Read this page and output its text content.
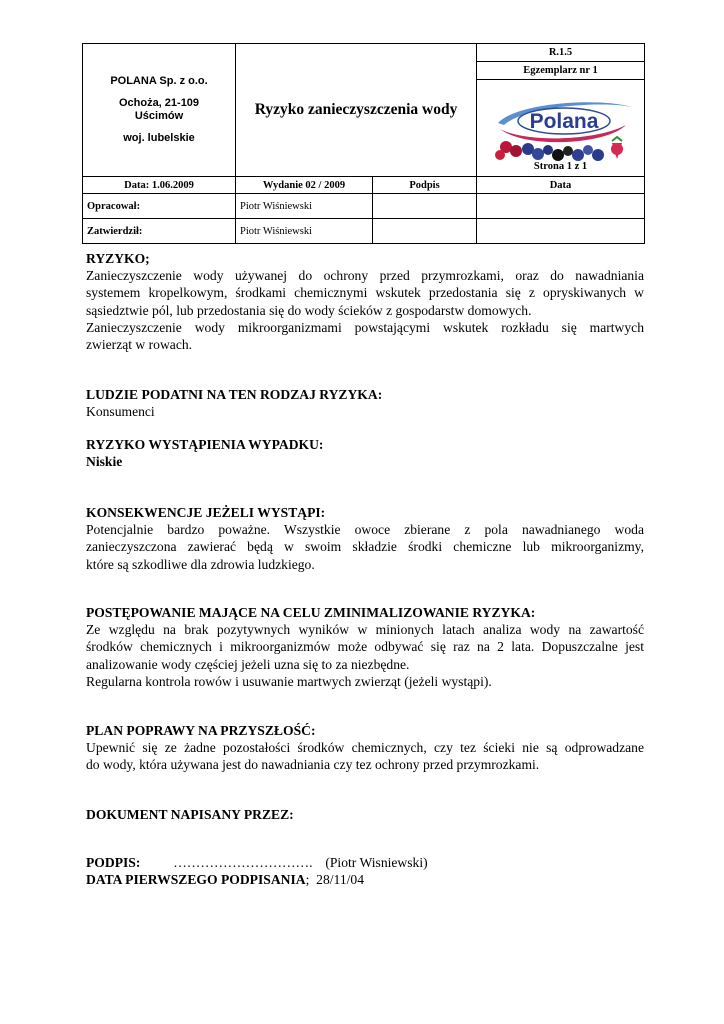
POLANA Sp. z o.o.
Ochoża, 21-109
Uścimów
woj. lubelskie	Ryzyko zanieczyszczenia wody		R.1.5
			Egzemplarz nr 1

Polana
Strona 1 z 1

Data: 1.06.2009	Wydanie 02 / 2009	Podpis	Data
Opracował:	Piotr Wiśniewski		
Zatwierdził:	Piotr Wiśniewski		

RYZYKO;

Zanieczyszczenie wody używanej do ochrony przed przymrozkami, oraz do nawadniania

systemem kropelkowym, środkami chemicznymi wskutek przedostania się z opryskiwanych w

sąsiedztwie pól, lub przedostania się do wody ścieków z gospodarstw domowych.

Zanieczyszczenie wody mikroorganizmami powstającymi wskutek rozkładu się martwych

zwierząt w rowach.

LUDZIE PODATNI NA TEN RODZAJ RYZYKA:

Konsumenci

RYZYKO WYSTĄPIENIA WYPADKU:

Niskie

KONSEKWENCJE JEŻELI WYSTĄPI:

Potencjalnie bardzo poważne. Wszystkie owoce zbierane z pola nawadnianego woda

zanieczyszczona zawierać będą w swoim składzie środki chemiczne lub mikroorganizmy,

które są szkodliwe dla zdrowia ludzkiego.

POSTĘPOWANIE MAJĄCE NA CELU ZMINIMALIZOWANIE RYZYKA:

Ze względu na brak pozytywnych wyników w minionych latach analiza wody na zawartość

środków chemicznych i mikroorganizmów może odbywać się raz na 2 lata. Dopuszczalne jest

analizowanie wody częściej jeżeli uzna się to za niezbędne.

Regularna kontrola rowów i usuwanie martwych zwierząt (jeżeli wystąpi).

PLAN POPRAWY NA PRZYSZŁOŚĆ:

Upewnić się ze żadne pozostałości środków chemicznych, czy tez ścieki nie są odprowadzane

do wody, która używana jest do nawadniania czy tez ochrony przed przymrozkami.

DOKUMENT NAPISANY PRZEZ:

PODPIS: …………………………. (Piotr Wisniewski)

DATA PIERWSZEGO PODPISANIA;  28/11/04
